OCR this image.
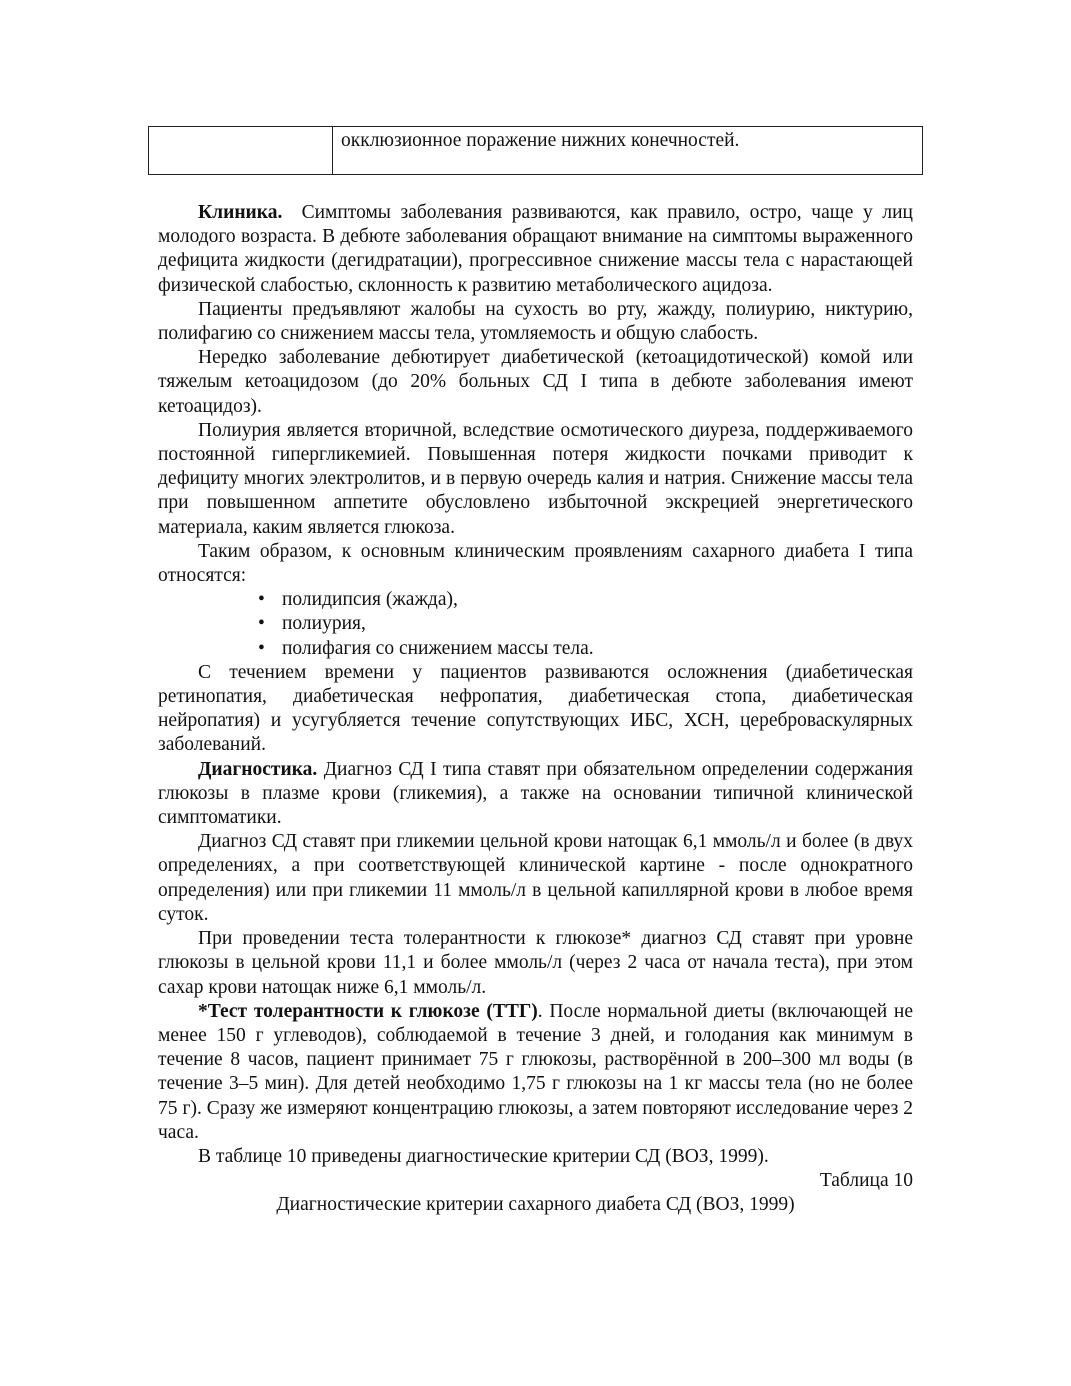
окклюзионное поражение нижних конечностей.

Клиника. Симптомы заболевания развиваются, как правило, остро, чаще у лиц молодого возраста. В дебюте заболевания обращают внимание на симптомы выраженного дефицита жидкости (дегидратации), прогрессивное снижение массы тела с нарастающей физической слабостью, склонность к развитию метаболического ацидоза.

Пациенты предъявляют жалобы на сухость во рту, жажду, полиурию, никтурию, полифагию со снижением массы тела, утомляемость и общую слабость.

Нередко заболевание дебютирует диабетической (кетоацидотической) комой или тяжелым кетоацидозом (до 20% больных СД I типа в дебюте заболевания имеют кетоацидоз).

Полиурия является вторичной, вследствие осмотического диуреза, поддерживаемого постоянной гипергликемией. Повышенная потеря жидкости почками приводит к дефициту многих электролитов, и в первую очередь калия и натрия. Снижение массы тела при повышенном аппетите обусловлено избыточной экскрецией энергетического материала, каким является глюкоза.

Таким образом, к основным клиническим проявлениям сахарного диабета I типа относятся:

• полидипсия (жажда),
• полиурия,
• полифагия со снижением массы тела.

С течением времени у пациентов развиваются осложнения (диабетическая ретинопатия, диабетическая нефропатия, диабетическая стопа, диабетическая нейропатия) и усугубляется течение сопутствующих ИБС, ХСН, цереброваскулярных заболеваний.

Диагностика. Диагноз СД I типа ставят при обязательном определении содержания глюкозы в плазме крови (гликемия), а также на основании типичной клинической симптоматики.

Диагноз СД ставят при гликемии цельной крови натощак 6,1 ммоль/л и более (в двух определениях, а при соответствующей клинической картине - после однократного определения) или при гликемии 11 ммоль/л в цельной капиллярной крови в любое время суток.

При проведении теста толерантности к глюкозе* диагноз СД ставят при уровне глюкозы в цельной крови 11,1 и более ммоль/л (через 2 часа от начала теста), при этом сахар крови натощак ниже 6,1 ммоль/л.

*Тест толерантности к глюкозе (ТТГ). После нормальной диеты (включающей не менее 150 г углеводов), соблюдаемой в течение 3 дней, и голодания как минимум в течение 8 часов, пациент принимает 75 г глюкозы, растворённой в 200–300 мл воды (в течение 3–5 мин). Для детей необходимо 1,75 г глюкозы на 1 кг массы тела (но не более 75 г). Сразу же измеряют концентрацию глюкозы, а затем повторяют исследование через 2 часа.

В таблице 10 приведены диагностические критерии СД (ВОЗ, 1999).

Таблица 10

Диагностические критерии сахарного диабета СД (ВОЗ, 1999)
